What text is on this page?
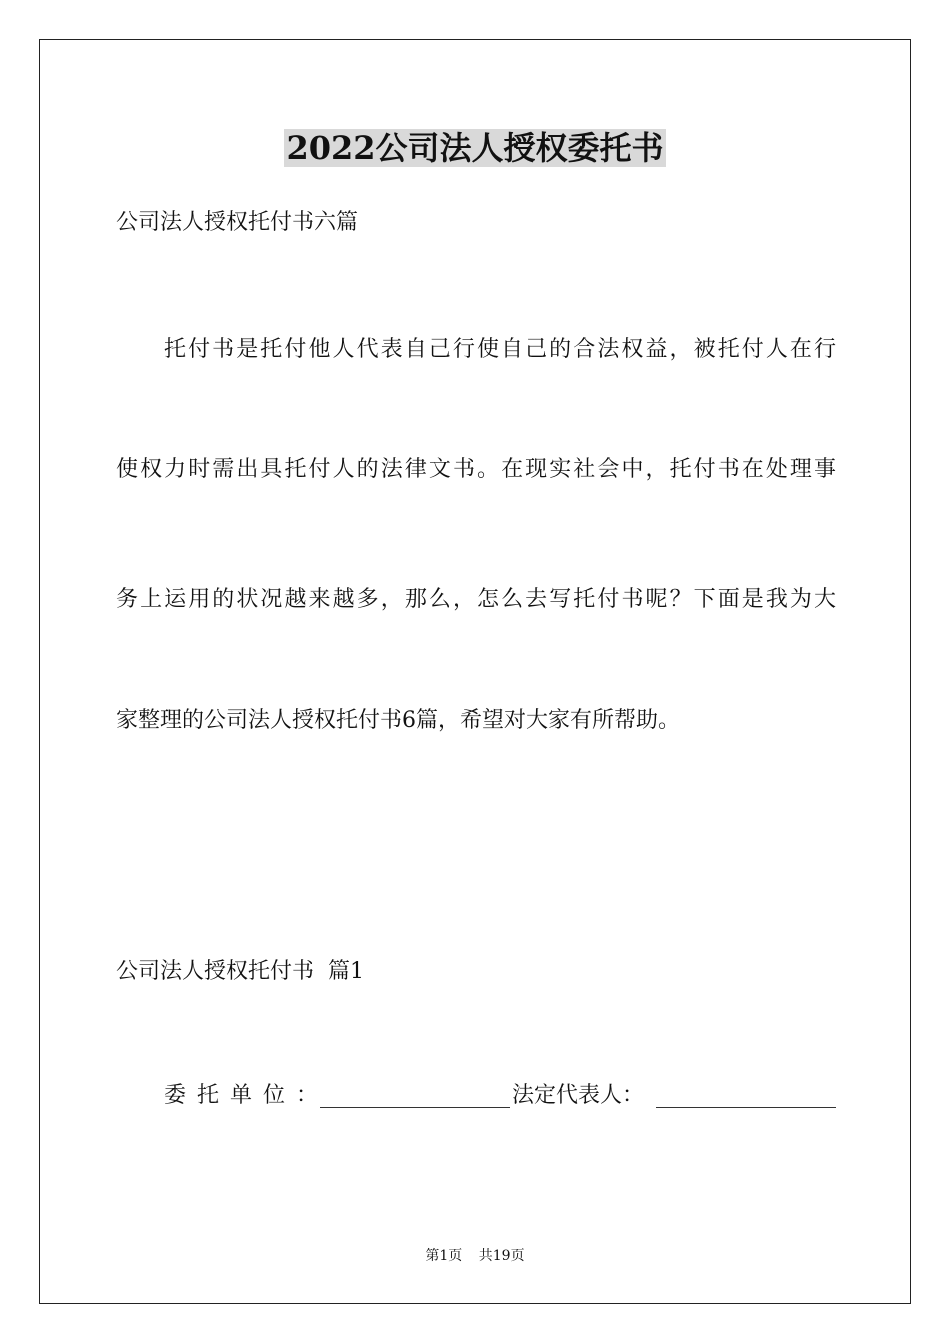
2022公司法人授权委托书
公司法人授权托付书六篇
托付书是托付他人代表自己行使自己的合法权益，被托付人在行
使权力时需出具托付人的法律文书。在现实社会中，托付书在处理事
务上运用的状况越来越多，那么，怎么去写托付书呢？下面是我为大
家整理的公司法人授权托付书6篇，希望对大家有所帮助。
公司法人授权托付书  篇1
委托单位：	法定代表人：
第1页 共19页
